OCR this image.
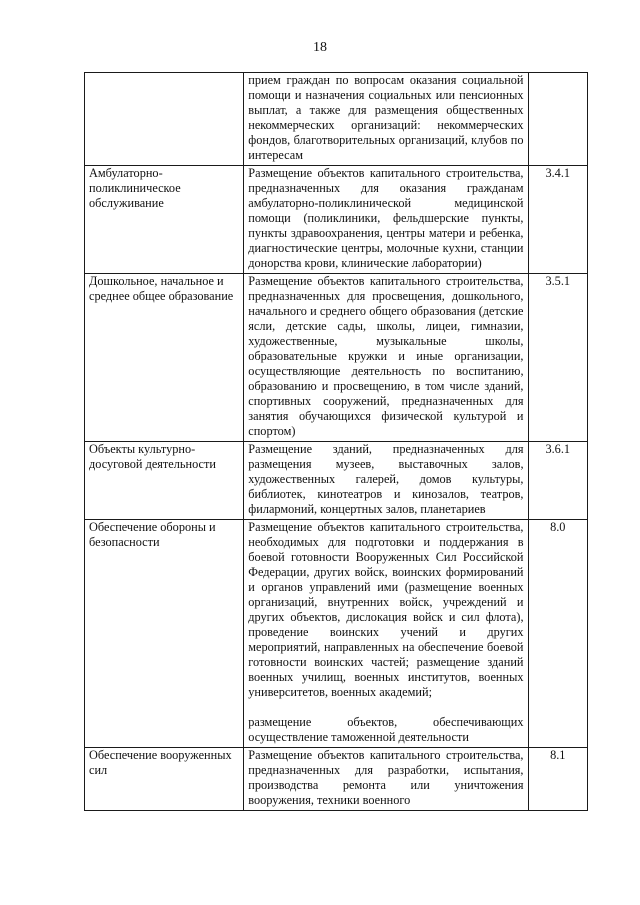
18

	прием граждан по вопросам оказания социальной помощи и назначения социальных или пенсионных выплат, а также для размещения общественных некоммерческих организаций: некоммерческих фондов, благотворительных организаций, клубов по интересам	

Амбулаторно-поликлиническое обслуживание	Размещение объектов капитального строительства, предназначенных для оказания гражданам амбулаторно-поликлинической медицинской помощи (поликлиники, фельдшерские пункты, пункты здравоохранения, центры матери и ребенка, диагностические центры, молочные кухни, станции донорства крови, клинические лаборатории)	3.4.1
Дошкольное, начальное и среднее общее образование	Размещение объектов капитального строительства, предназначенных для просвещения, дошкольного, начального и среднего общего образования (детские ясли, детские сады, школы, лицеи, гимназии, художественные, музыкальные школы, образовательные кружки и иные организации, осуществляющие деятельность по воспитанию, образованию и просвещению, в том числе зданий, спортивных сооружений, предназначенных для занятия обучающихся физической культурой и спортом)	3.5.1
Объекты культурно-досуговой деятельности	Размещение зданий, предназначенных для размещения музеев, выставочных залов, художественных галерей, домов культуры, библиотек, кинотеатров и кинозалов, театров, филармоний, концертных залов, планетариев	3.6.1
Обеспечение обороны и безопасности	Размещение объектов капитального строительства, необходимых для подготовки и поддержания в боевой готовности Вооруженных Сил Российской Федерации, других войск, воинских формирований и органов управлений ими (размещение военных организаций, внутренних войск, учреждений и других объектов, дислокация войск и сил флота), проведение воинских учений и других мероприятий, направленных на обеспечение боевой готовности воинских частей; размещение зданий военных училищ, военных институтов, военных университетов, военных академий;
размещение объектов, обеспечивающих осуществление таможенной деятельности	8.0
Обеспечение вооруженных сил	Размещение объектов капитального строительства, предназначенных для разработки, испытания, производства ремонта или уничтожения вооружения, техники военного	8.1
